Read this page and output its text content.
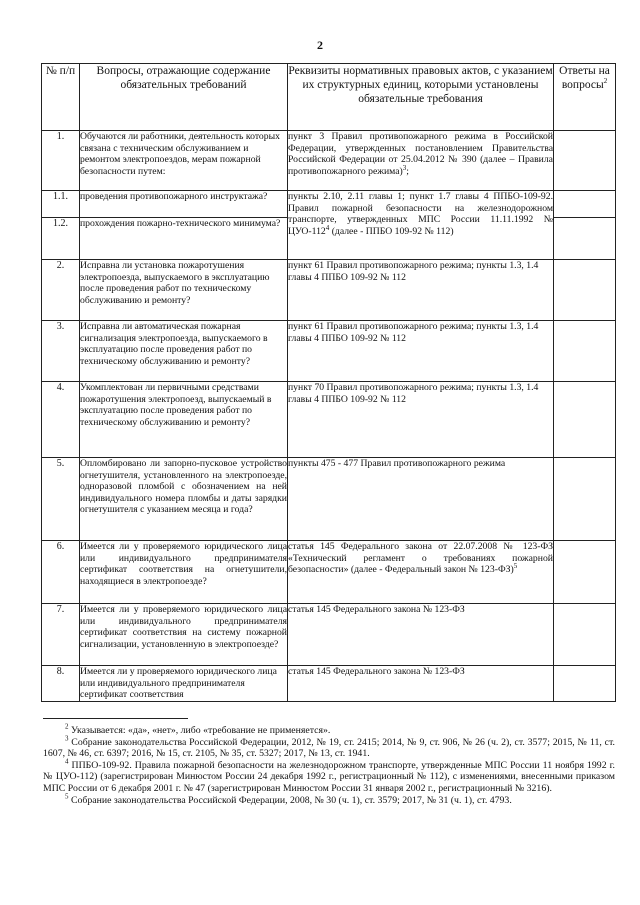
2
№ п/п	Вопросы, отражающие содержание обязательных требований	Реквизиты нормативных правовых актов, с указанием их структурных единиц, которыми установлены обязательные требования	Ответы на вопросы$^2$
1.	Обучаются ли работники, деятельность которых связана с техническим обслуживанием и ремонтом электропоездов, мерам пожарной безопасности путем:	пункт 3 Правил противопожарного режима в Российской Федерации, утвержденных постановлением Правительства Российской Федерации от 25.04.2012 № 390 (далее – Правила противопожарного режима)$^3$;	
1.1.	проведения противопожарного инструктажа?	пункты 2.10, 2.11 главы 1; пункт 1.7 главы 4 ППБО-109-92. Правил пожарной безопасности на железнодорожном транспорте, утвержденных МПС России 11.11.1992 № ЦУО-$112^4$ (далее - ППБО 109-92 № 112)	
1.2.	прохождения пожарно-технического минимума?		
2.	Исправна ли установка пожаротушения электропоезда, выпускаемого в эксплуатацию после проведения работ по техническому обслуживанию и ремонту?	пункт 61 Правил противопожарного режима; пункты 1.3, 1.4 главы 4 ППБО 109-92 № 112	
3.	Исправна ли автоматическая пожарная сигнализация электропоезда, выпускаемого в эксплуатацию после проведения работ по техническому обслуживанию и ремонту?	пункт 61 Правил противопожарного режима; пункты 1.3, 1.4 главы 4 ППБО 109-92 № 112	
4.	Укомплектован ли первичными средствами пожаротушения электропоезд, выпускаемый в эксплуатацию после проведения работ по техническому обслуживанию и ремонту?	пункт 70 Правил противопожарного режима; пункты 1.3, 1.4 главы 4 ППБО 109-92 № 112	
5.	Опломбировано ли запорно-пусковое устройство огнетушителя, установленного на электропоезде, одноразовой пломбой с обозначением на ней индивидуального номера пломбы и даты зарядки огнетушителя с указанием месяца и года?	пункты 475 - 477 Правил противопожарного режима	
6.	Имеется ли у проверяемого юридического лица или индивидуального предпринимателя сертификат соответствия на огнетушители, находящиеся в электропоезде?	статья 145 Федерального закона от 22.07.2008 № 123-ФЗ «Технический регламент о требованиях пожарной безопасности» (далее - Федеральный закон № 123-ФЗ)$^5$	
7.	Имеется ли у проверяемого юридического лица или индивидуального предпринимателя сертификат соответствия на систему пожарной сигнализации, установленную в электропоезде?	статья 145 Федерального закона № 123-ФЗ	
8.	Имеется ли у проверяемого юридического лица или индивидуального предпринимателя сертификат соответствия	статья 145 Федерального закона № 123-ФЗ	

$^2$ Указывается: «да», «нет», либо «требование не применяется».

$^3$ Собрание законодательства Российской Федерации, 2012, № 19, ст. 2415; 2014, № 9, ст. 906, № 26 (ч. 2), ст. 3577; 2015, № 11, ст. 1607, № 46, ст. 6397; 2016, № 15, ст. 2105, № 35, ст. 5327; 2017, № 13, ст. 1941.

$^4$ ППБО-109-92. Правила пожарной безопасности на железнодорожном транспорте, утвержденные МПС России 11 ноября 1992 г. № ЦУО-112) (зарегистрирован Минюстом России 24 декабря 1992 г., регистрационный № 112), с изменениями, внесенными приказом МПС России от 6 декабря 2001 г. № 47 (зарегистрирован Минюстом России 31 января 2002 г., регистрационный № 3216).

$^5$ Собрание законодательства Российской Федерации, 2008, № 30 (ч. 1), ст. 3579; 2017, № 31 (ч. 1), ст. 4793.
